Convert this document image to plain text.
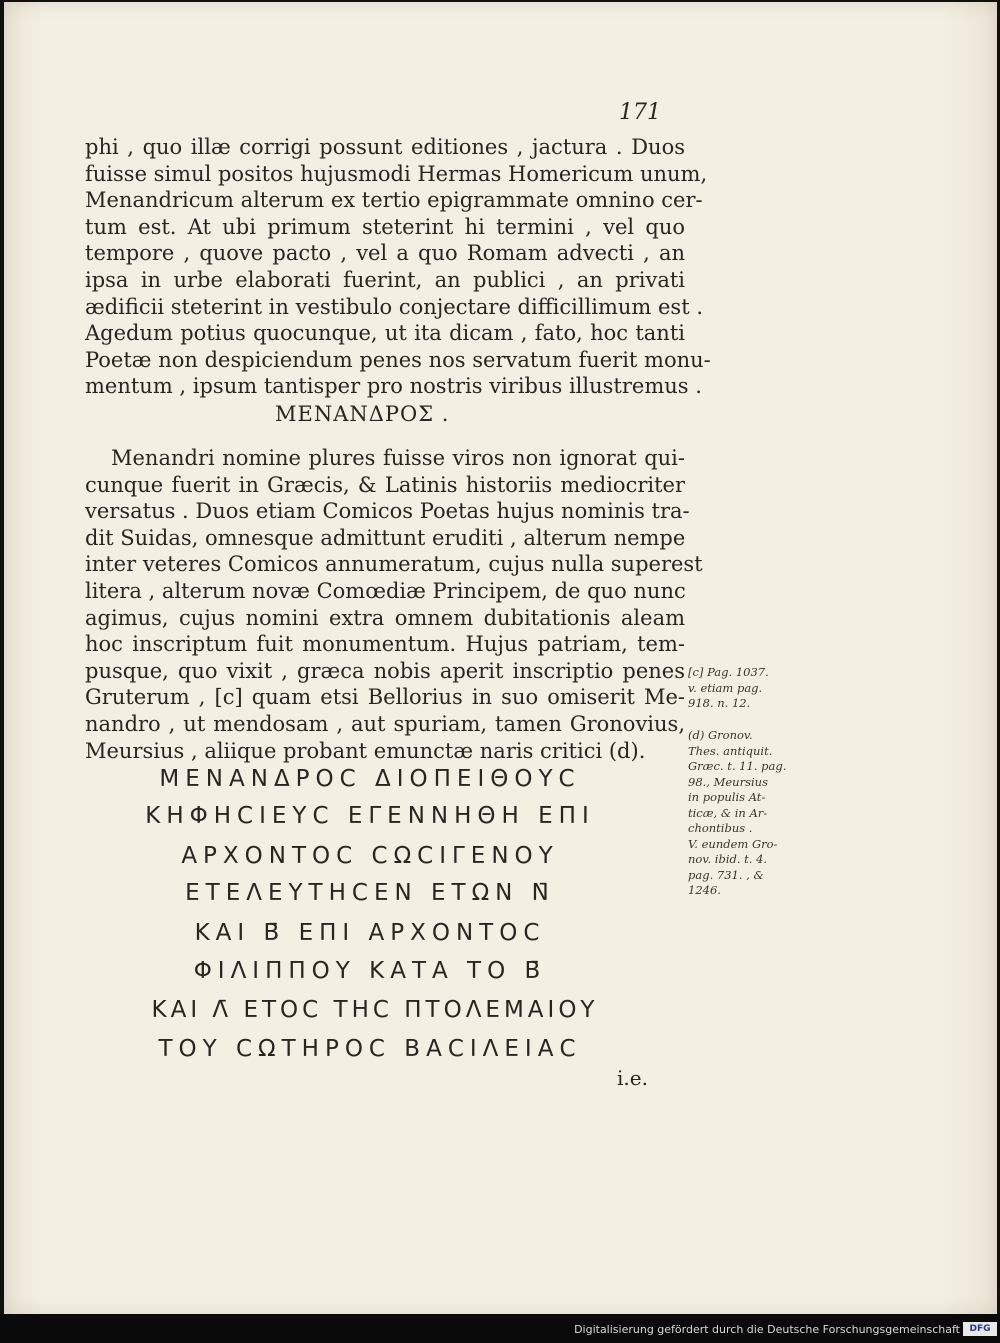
171

phi , quo illæ corrigi possunt editiones , jactura . Duos
fuisse simul positos hujusmodi Hermas Homericum unum,
Menandricum alterum ex tertio epigrammate omnino cer-
tum est. At ubi primum steterint hi termini , vel quo
tempore , quove pacto , vel a quo Romam advecti , an
ipsa in urbe elaborati fuerint, an publici , an privati
ædificii steterint in vestibulo conjectare difficillimum est .
Agedum potius quocunque, ut ita dicam , fato, hoc tanti
Poetæ non despiciendum penes nos servatum fuerit monu-
mentum , ipsum tantisper pro nostris viribus illustremus .

ΜΕΝΑΝΔΡΟΣ .

Menandri nomine plures fuisse viros non ignorat qui-
cunque fuerit in Græcis, & Latinis historiis mediocriter
versatus . Duos etiam Comicos Poetas hujus nominis tra-
dit Suidas, omnesque admittunt eruditi , alterum nempe
inter veteres Comicos annumeratum, cujus nulla superest
litera , alterum novæ Comœdiæ Principem, de quo nunc
agimus, cujus nomini extra omnem dubitationis aleam
hoc inscriptum fuit monumentum. Hujus patriam, tem-
pusque, quo vixit , græca nobis aperit inscriptio penes
Gruterum , [c] quam etsi Bellorius in suo omiserit Me-
nandro , ut mendosam , aut spuriam, tamen Gronovius,
Meursius , aliique probant emunctæ naris critici (d).

ΜΕΝΑΝΔΡΟϹ ΔΙΟΠΕΙΘΟΥϹ
ΚΗΦΗϹΙΕΥϹ ΕΓΕΝΝΗΘΗ ΕΠΙ
ΑΡΧΟΝΤΟϹ ϹΩϹΙΓΕΝΟΥ
ΕΤΕΛΕΥΤΗϹΕΝ ΕΤΩΝ Ν̄
ΚΑΙ Β̄ ΕΠΙ ΑΡΧΟΝΤΟϹ
ΦΙΛΙΠΠΟΥ ΚΑΤΑ ΤΟ Β̄
ΚΑΙ Λ̄ ΕΤΟϹ ΤΗϹ ΠΤΟΛΕΜΑΙΟΥ
ΤΟΥ ϹΩΤΗΡΟϹ ΒΑϹΙΛΕΙΑϹ
i.e.
[c] Pag. 1037.
v. etiam pag.
918. n. 12.
(d) Gronov.
Thes. antiquit.
Græc. t. 11. pag.
98., Meursius
in populis At-
ticæ, & in Ar-
chontibus .
V. eundem Gro-
nov. ibid. t. 4.
pag. 731. , &
1246.
Digitalisierung gefördert durch die Deutsche Forschungsgemeinschaft	DFG
